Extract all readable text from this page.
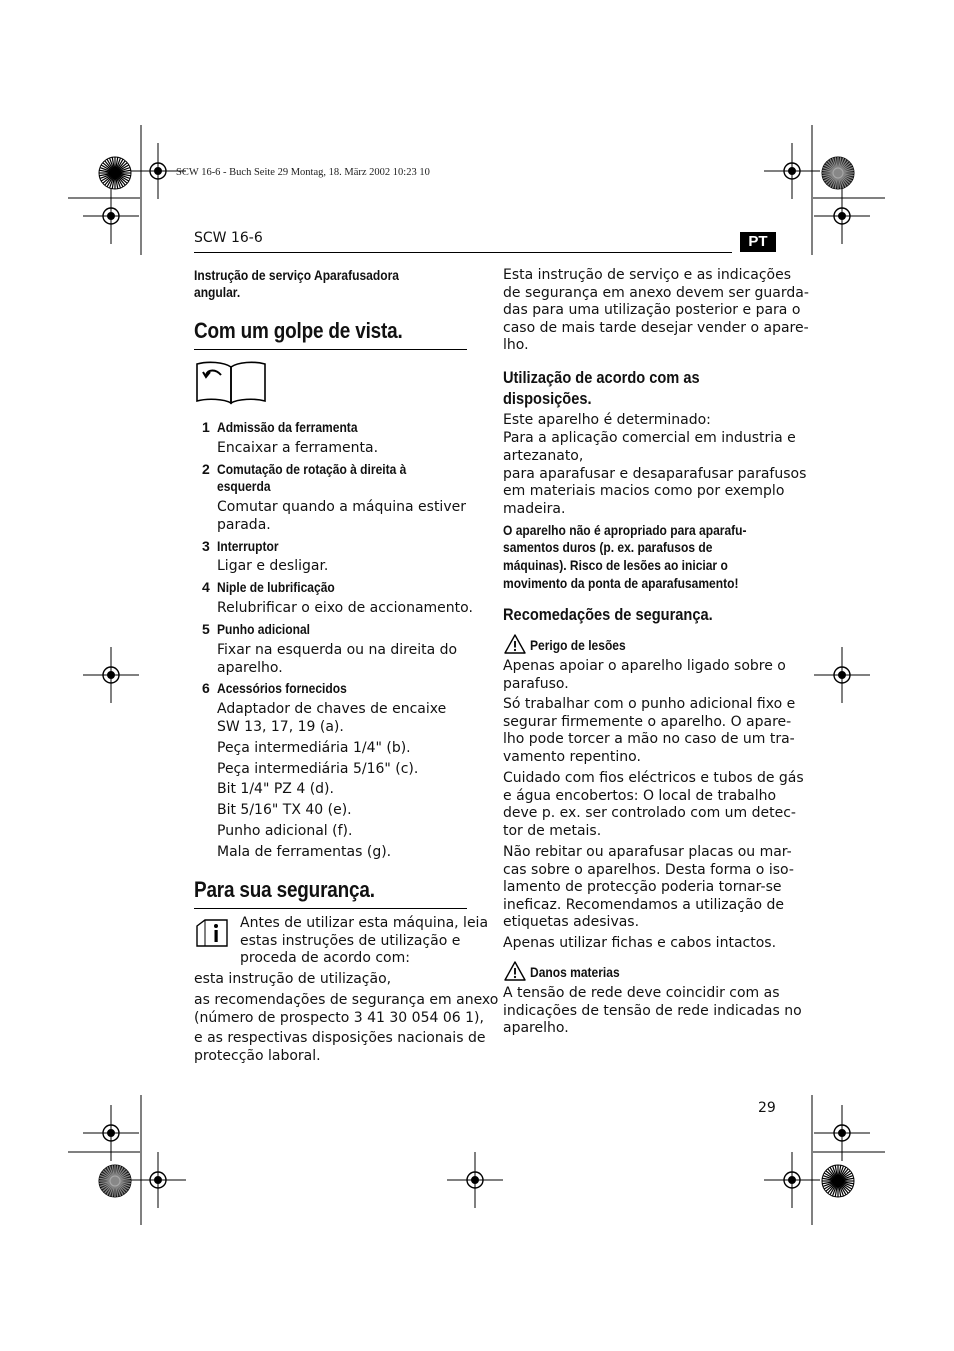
SCW 16-6 - Buch Seite 29 Montag, 18. März 2002 10:23 10
SCW 16-6	PT
Instrução de serviço Aparafusadora
angular.
Com um golpe de vista.
1 Admissão da ferramenta
Encaixar a ferramenta.
2 Comutação de rotação à direita à
esquerda
Comutar quando a máquina estiver
parada.
3 Interruptor
Ligar e desligar.
4 Niple de lubrificação
Relubrificar o eixo de accionamento.
5 Punho adicional
Fixar na esquerda ou na direita do
aparelho.
6 Acessórios fornecidos
Adaptador de chaves de encaixe
SW 13, 17, 19 (a).
Peça intermediária 1/4" (b).
Peça intermediária 5/16" (c).
Bit 1/4" PZ 4 (d).
Bit 5/16" TX 40 (e).
Punho adicional (f).
Mala de ferramentas (g).
Para sua segurança.
Antes de utilizar esta máquina, leia
estas instruções de utilização e
proceda de acordo com:
esta instrução de utilização,
as recomendações de segurança em anexo
(número de prospecto 3 41 30 054 06 1),
e as respectivas disposições nacionais de
protecção laboral.
Esta instrução de serviço e as indicações
de segurança em anexo devem ser guarda-
das para uma utilização posterior e para o
caso de mais tarde desejar vender o apare-
lho.
Utilização de acordo com as
disposições.
Este aparelho é determinado:
Para a aplicação comercial em industria e
artezanato,
para aparafusar e desaparafusar parafusos
em materiais macios como por exemplo
madeira.
O aparelho não é apropriado para aparafu-
samentos duros (p. ex. parafusos de
máquinas). Risco de lesões ao iniciar o
movimento da ponta de aparafusamento!
Recomedações de segurança.
Perigo de lesões
Apenas apoiar o aparelho ligado sobre o
parafuso.
Só trabalhar com o punho adicional fixo e
segurar firmemente o aparelho. O apare-
lho pode torcer a mão no caso de um tra-
vamento repentino.
Cuidado com fios eléctricos e tubos de gás
e água encobertos: O local de trabalho
deve p. ex. ser controlado com um detec-
tor de metais.
Não rebitar ou aparafusar placas ou mar-
cas sobre o aparelhos. Desta forma o iso-
lamento de protecção poderia tornar-se
ineficaz. Recomendamos a utilização de
etiquetas adesivas.
Apenas utilizar fichas e cabos intactos.
Danos materias
A tensão de rede deve coincidir com as
indicações de tensão de rede indicadas no
aparelho.
29
